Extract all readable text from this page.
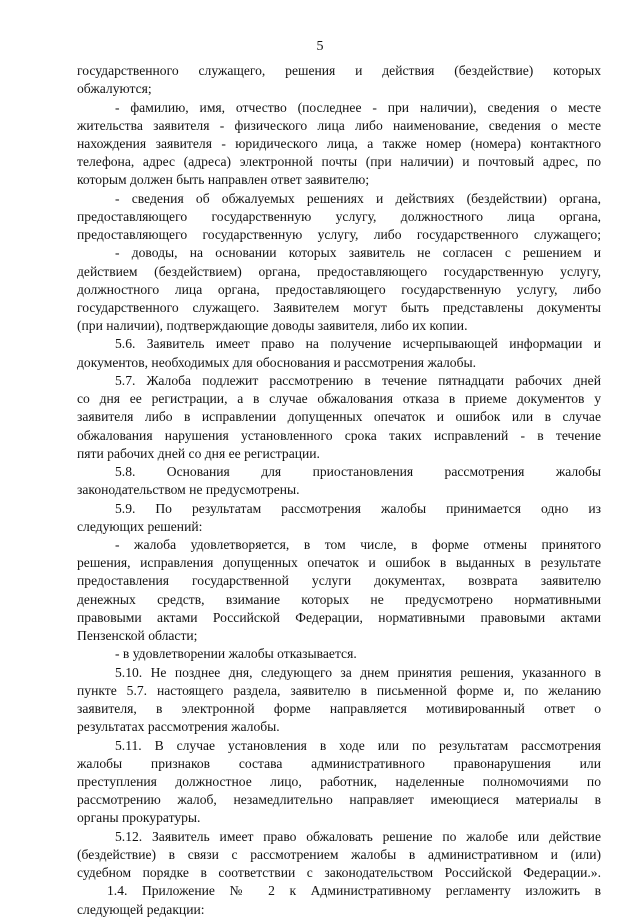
5
государственного служащего, решения и действия (бездействие) которых
обжалуются;
- фамилию, имя, отчество (последнее - при наличии), сведения о месте
жительства заявителя - физического лица либо наименование, сведения о месте
нахождения заявителя - юридического лица, а также номер (номера) контактного
телефона, адрес (адреса) электронной почты (при наличии) и почтовый адрес, по
которым должен быть направлен ответ заявителю;
- сведения об обжалуемых решениях и действиях (бездействии) органа,
предоставляющего государственную услугу, должностного лица органа,
предоставляющего государственную услугу, либо государственного служащего;
- доводы, на основании которых заявитель не согласен с решением и
действием (бездействием) органа, предоставляющего государственную услугу,
должностного лица органа, предоставляющего государственную услугу, либо
государственного служащего. Заявителем могут быть представлены документы
(при наличии), подтверждающие доводы заявителя, либо их копии.
5.6. Заявитель имеет право на получение исчерпывающей информации и
документов, необходимых для обоснования и рассмотрения жалобы.
5.7. Жалоба подлежит рассмотрению в течение пятнадцати рабочих дней
со дня ее регистрации, а в случае обжалования отказа в приеме документов у
заявителя либо в исправлении допущенных опечаток и ошибок или в случае
обжалования нарушения установленного срока таких исправлений - в течение
пяти рабочих дней со дня ее регистрации.
5.8. Основания для приостановления рассмотрения жалобы
законодательством не предусмотрены.
5.9. По результатам рассмотрения жалобы принимается одно из
следующих решений:
- жалоба удовлетворяется, в том числе, в форме отмены принятого
решения, исправления допущенных опечаток и ошибок в выданных в результате
предоставления государственной услуги документах, возврата заявителю
денежных средств, взимание которых не предусмотрено нормативными
правовыми актами Российской Федерации, нормативными правовыми актами
Пензенской области;
- в удовлетворении жалобы отказывается.
5.10. Не позднее дня, следующего за днем принятия решения, указанного в
пункте 5.7. настоящего раздела, заявителю в письменной форме и, по желанию
заявителя, в электронной форме направляется мотивированный ответ о
результатах рассмотрения жалобы.
5.11. В случае установления в ходе или по результатам рассмотрения
жалобы признаков состава административного правонарушения или
преступления должностное лицо, работник, наделенные полномочиями по
рассмотрению жалоб, незамедлительно направляет имеющиеся материалы в
органы прокуратуры.
5.12. Заявитель имеет право обжаловать решение по жалобе или действие
(бездействие) в связи с рассмотрением жалобы в административном и (или)
судебном порядке в соответствии с законодательством Российской Федерации.».
1.4. Приложение № 2 к Административному регламенту изложить в
следующей редакции:
